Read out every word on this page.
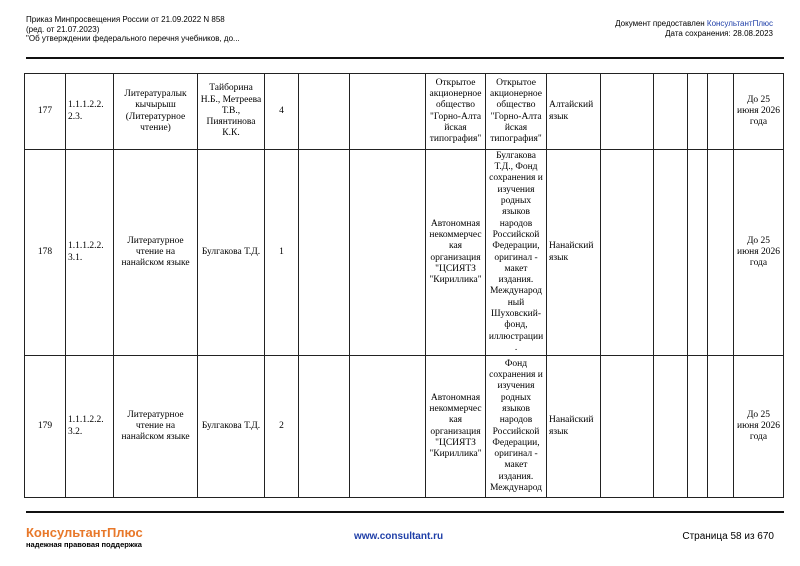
Приказ Минпросвещения России от 21.09.2022 N 858
(ред. от 21.07.2023)
"Об утверждении федерального перечня учебников, до...
Документ предоставлен КонсультантПлюс
Дата сохранения: 28.08.2023
177	1.1.1.2.2. 2.3.	Литературалык кычырыш (Литературное чтение)	Тайборина Н.Б., Метреева Т.В., Пиянтинова К.К.	4			Открытое акционерное общество "Горно-Алта йская типография"	Открытое акционерное общество "Горно-Алта йская типография"	Алтайский язык					До 25 июня 2026 года
178	1.1.1.2.2. 3.1.	Литературное чтение на нанайском языке	Булгакова Т.Д.	1			Автономная некоммерчес кая организация "ЦСИЯТЗ "Кириллика"	Булгакова Т.Д., Фонд сохранения и изучения родных языков народов Российской Федерации, оригинал - макет издания. Международ ный Шуховский-фонд, иллюстрации .	Нанайский язык					До 25 июня 2026 года
179	1.1.1.2.2. 3.2.	Литературное чтение на нанайском языке	Булгакова Т.Д.	2			Автономная некоммерчес кая организация "ЦСИЯТЗ "Кириллика"	Фонд сохранения и изучения родных языков народов Российской Федерации, оригинал - макет издания. Международ	Нанайский язык					До 25 июня 2026 года
КонсультантПлюс
надежная правовая поддержка
www.consultant.ru	Страница 58 из 670
